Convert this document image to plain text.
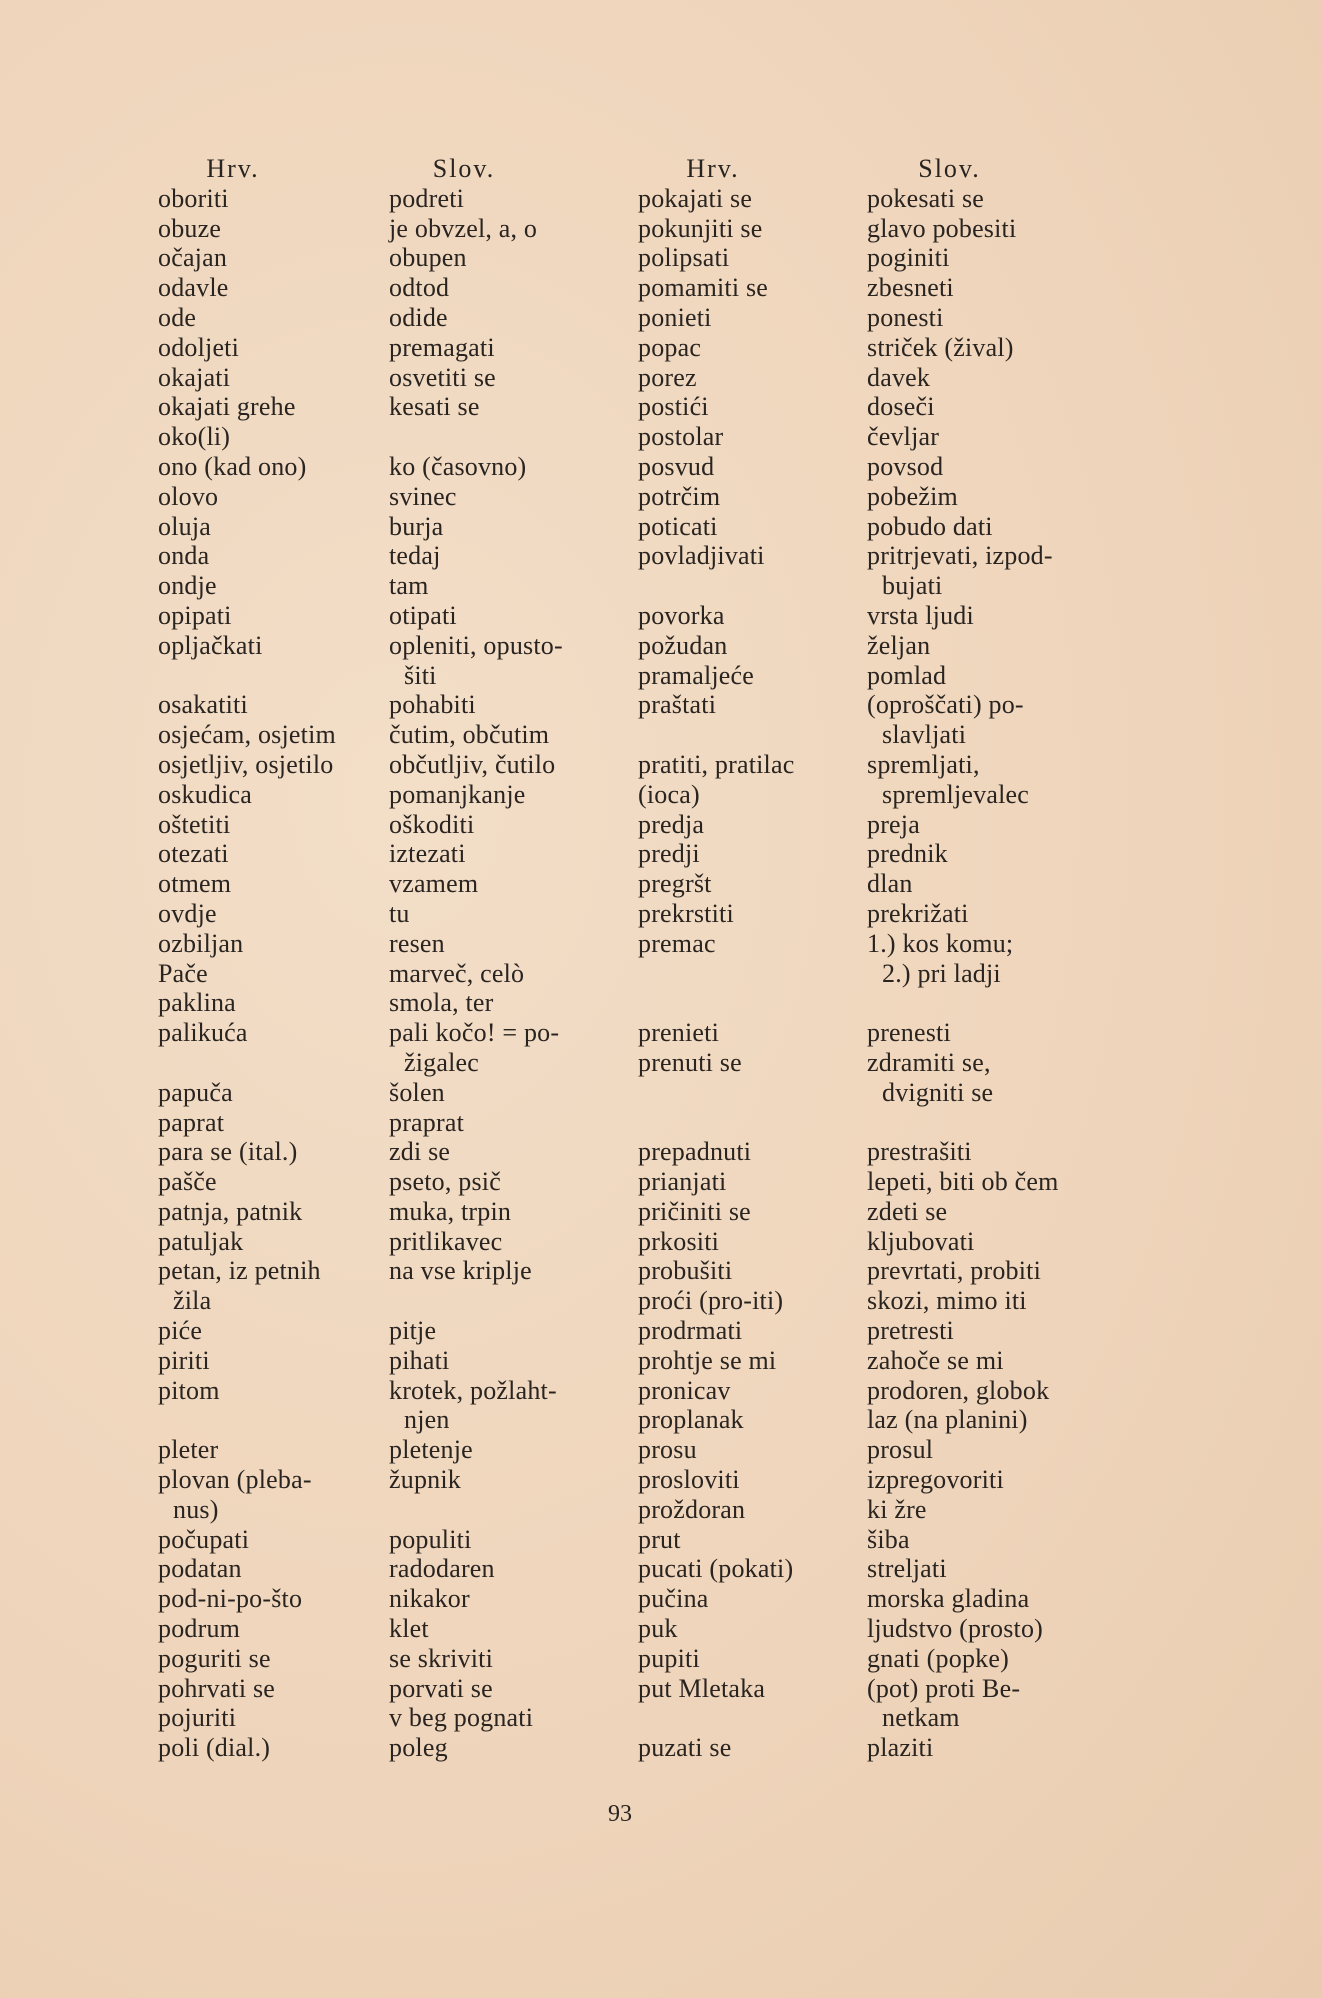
Hrv.
oboriti
obuze
očajan
odavle
ode
odoljeti
okajati
okajati grehe
oko(li)
ono (kad ono)
olovo
oluja
onda
ondje
opipati
opljačkati
osakatiti
osjećam, osjetim
osjetljiv, osjetilo
oskudica
oštetiti
otezati
otmem
ovdje
ozbiljan
Pače
paklina
palikuća
papuča
paprat
para se (ital.)
pašče
patnja, patnik
patuljak
petan, iz petnih
žila
piće
piriti
pitom
pleter
plovan (pleba-
nus)
počupati
podatan
pod-ni-po-što
podrum
poguriti se
pohrvati se
pojuriti
poli (dial.)
Slov.
podreti
je obvzel, a, o
obupen
odtod
odide
premagati
osvetiti se
kesati se
ko (časovno)
svinec
burja
tedaj
tam
otipati
opleniti, opusto-
šiti
pohabiti
čutim, občutim
občutljiv, čutilo
pomanjkanje
oškoditi
iztezati
vzamem
tu
resen
marveč, celò
smola, ter
pali kočo! = po-
žigalec
šolen
praprat
zdi se
pseto, psič
muka, trpin
pritlikavec
na vse kriplje
pitje
pihati
krotek, požlaht-
njen
pletenje
župnik
populiti
radodaren
nikakor
klet
se skriviti
porvati se
v beg pognati
poleg
Hrv.
pokajati se
pokunjiti se
polipsati
pomamiti se
ponieti
popac
porez
postići
postolar
posvud
potrčim
poticati
povladjivati
povorka
požudan
pramaljeće
praštati
pratiti, pratilac
(ioca)
predja
predji
pregršt
prekrstiti
premac
prenieti
prenuti se
prepadnuti
prianjati
pričiniti se
prkositi
probušiti
proći (pro-iti)
prodrmati
prohtje se mi
pronicav
proplanak
prosu
prosloviti
proždoran
prut
pucati (pokati)
pučina
puk
pupiti
put Mletaka
puzati se
Slov.
pokesati se
glavo pobesiti
poginiti
zbesneti
ponesti
striček (žival)
davek
doseči
čevljar
povsod
pobežim
pobudo dati
pritrjevati, izpod-
bujati
vrsta ljudi
željan
pomlad
(oproščati) po-
slavljati
spremljati,
spremljevalec
preja
prednik
dlan
prekrižati
1.) kos komu;
2.) pri ladji
prenesti
zdramiti se,
dvigniti se
prestrašiti
lepeti, biti ob čem
zdeti se
kljubovati
prevrtati, probiti
skozi, mimo iti
pretresti
zahoče se mi
prodoren, globok
laz (na planini)
prosul
izpregovoriti
ki žre
šiba
streljati
morska gladina
ljudstvo (prosto)
gnati (popke)
(pot) proti Be-
netkam
plaziti
93
